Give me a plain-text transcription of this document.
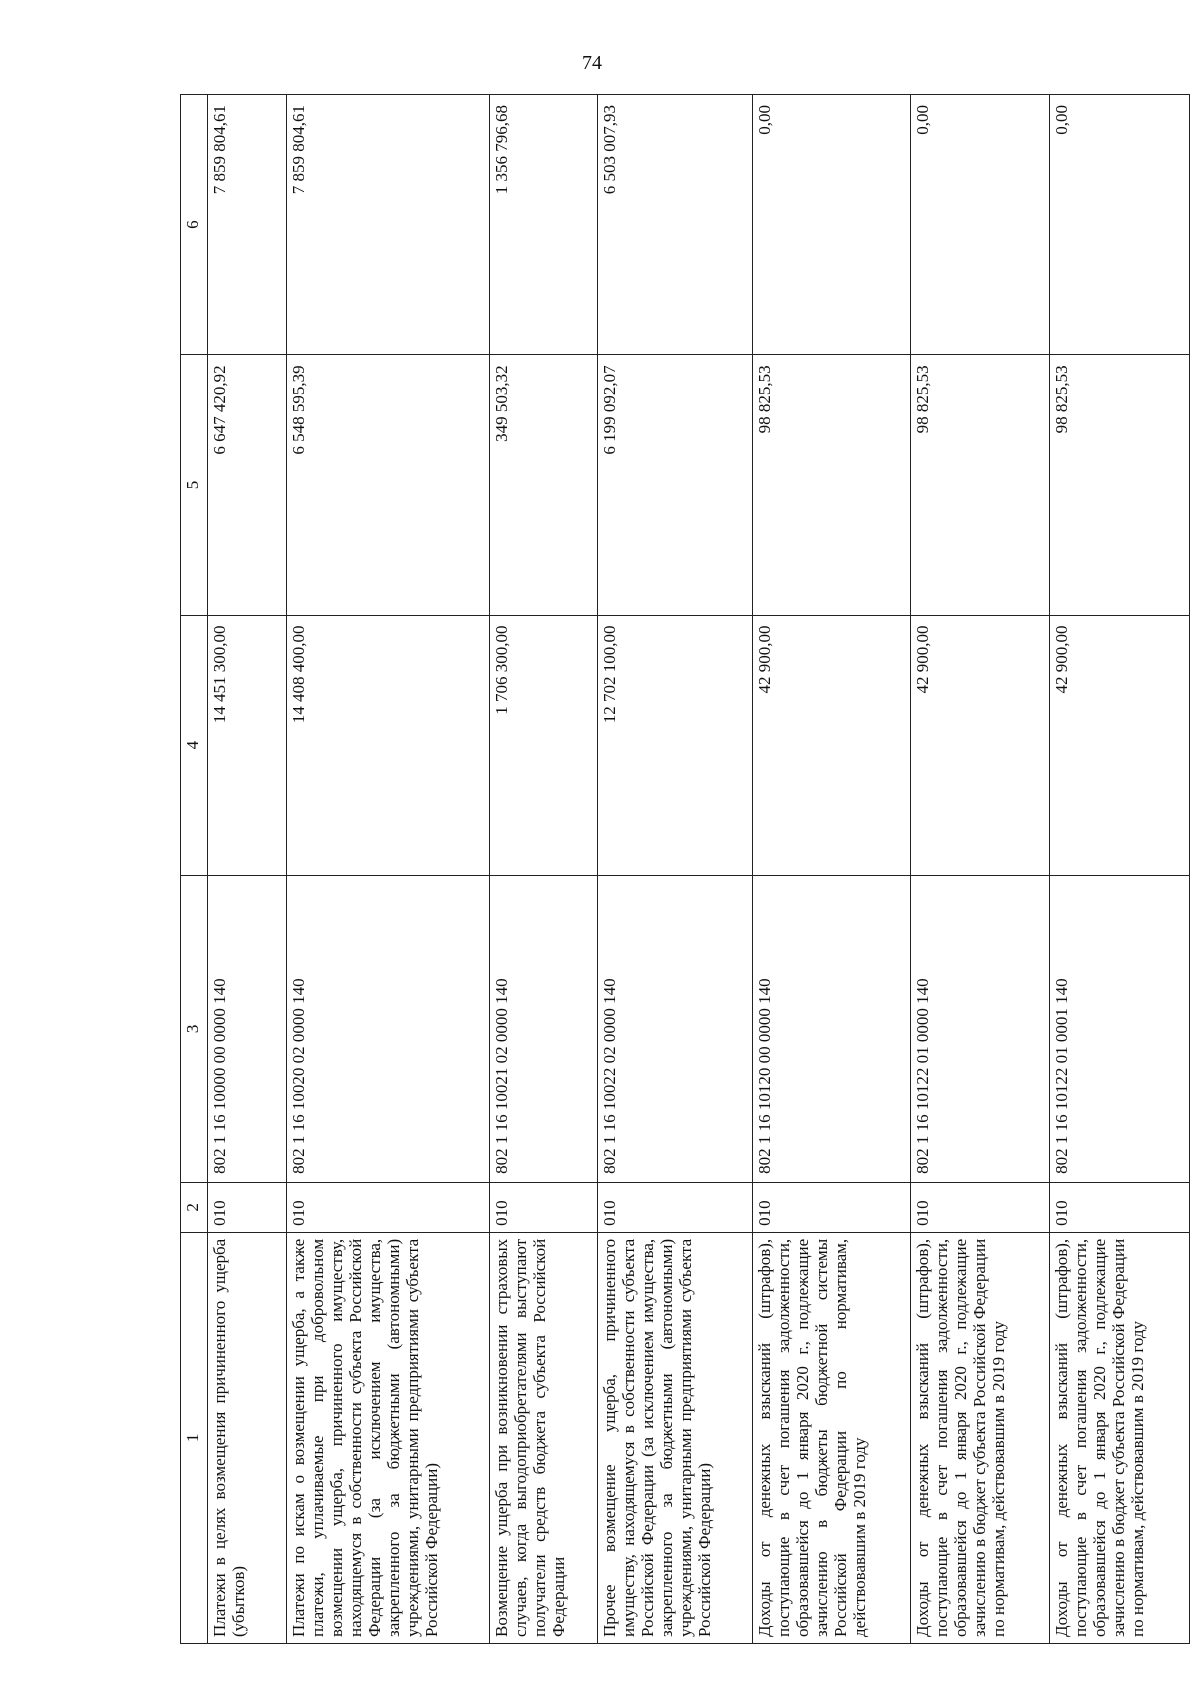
74
1	2	3	4	5	6
Платежи в целях возмещения причиненного ущерба (убытков)	010	802 1 16 10000 00 0000 140	14 451 300,00	6 647 420,92	7 859 804,61
Платежи по искам о возмещении ущерба, а также платежи, уплачиваемые при добровольном возмещении ущерба, причиненного имуществу, находящемуся в собственности субъекта Российской Федерации (за исключением имущества, закрепленного за бюджетными (автономными) учреждениями, унитарными предприятиями субъекта Российской Федерации)	010	802 1 16 10020 02 0000 140	14 408 400,00	6 548 595,39	7 859 804,61
Возмещение ущерба при возникновении страховых случаев, когда выгодоприобретателями выступают получатели средств бюджета субъекта Российской Федерации	010	802 1 16 10021 02 0000 140	1 706 300,00	349 503,32	1 356 796,68
Прочее возмещение ущерба, причиненного имуществу, находящемуся в собственности субъекта Российской Федерации (за исключением имущества, закрепленного за бюджетными (автономными) учреждениями, унитарными предприятиями субъекта Российской Федерации)	010	802 1 16 10022 02 0000 140	12 702 100,00	6 199 092,07	6 503 007,93
Доходы от денежных взысканий (штрафов), поступающие в счет погашения задолженности, образовавшейся до 1 января 2020 г., подлежащие зачислению в бюджеты бюджетной системы Российской Федерации по нормативам, действовавшим в 2019 году	010	802 1 16 10120 00 0000 140	42 900,00	98 825,53	0,00
Доходы от денежных взысканий (штрафов), поступающие в счет погашения задолженности, образовавшейся до 1 января 2020 г., подлежащие зачислению в бюджет субъекта Российской Федерации по нормативам, действовавшим в 2019 году	010	802 1 16 10122 01 0000 140	42 900,00	98 825,53	0,00
Доходы от денежных взысканий (штрафов), поступающие в счет погашения задолженности, образовавшейся до 1 января 2020 г., подлежащие зачислению в бюджет субъекта Российской Федерации по нормативам, действовавшим в 2019 году	010	802 1 16 10122 01 0001 140	42 900,00	98 825,53	0,00
